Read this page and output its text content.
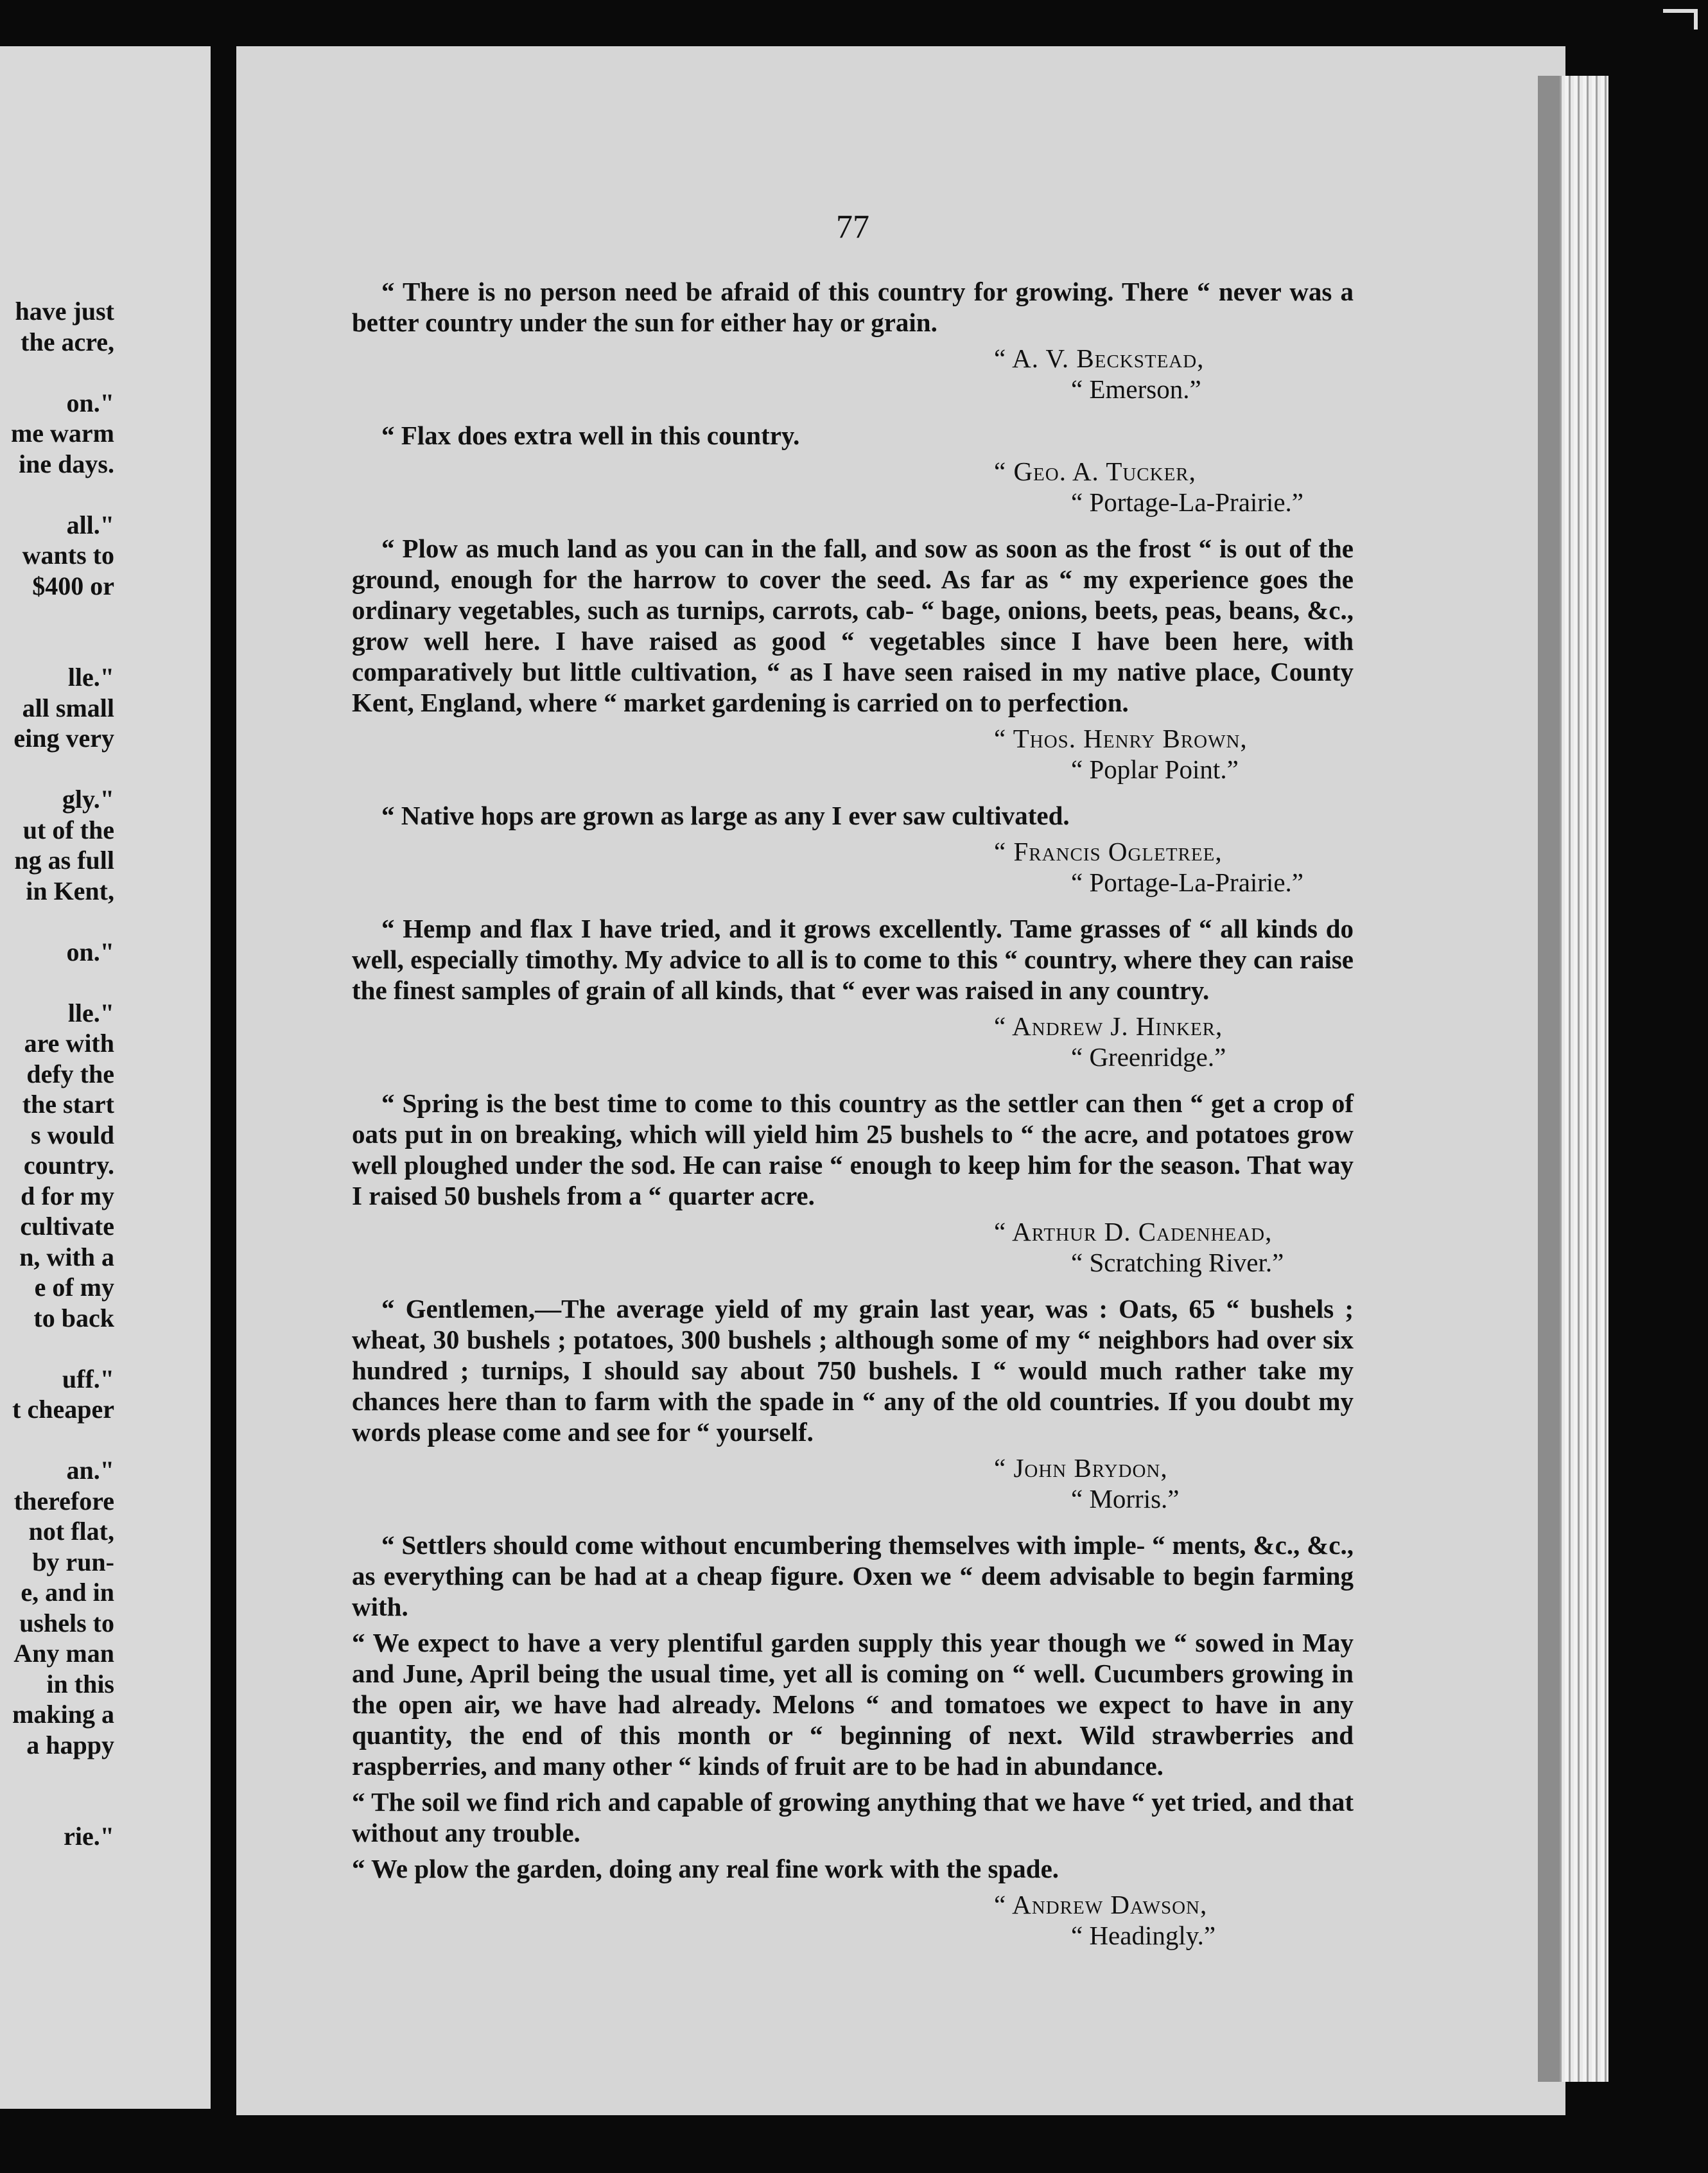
have just
the acre,
on."
me warm
ine days.
all."
wants to
$400 or
lle."
all small
eing very
gly."
ut of the
ng as full
in Kent,
on."
lle."
are with
defy the
the start
s would
country.
d for my
cultivate
n, with a
e of my
to back
uff."
t cheaper
an."
therefore
not flat,
by run-
e, and in
ushels to
Any man
in this
making a
a happy
rie."
77

“ There is no person need be afraid of this country for growing. There “ never was a better country under the sun for either hay or grain.

“ A. V. Beckstead,

“ Emerson.”

“ Flax does extra well in this country.

“ Geo. A. Tucker,

“ Portage-La-Prairie.”

“ Plow as much land as you can in the fall, and sow as soon as the frost “ is out of the ground, enough for the harrow to cover the seed. As far as “ my experience goes the ordinary vegetables, such as turnips, carrots, cab- “ bage, onions, beets, peas, beans, &c., grow well here. I have raised as good “ vegetables since I have been here, with comparatively but little cultivation, “ as I have seen raised in my native place, County Kent, England, where “ market gardening is carried on to perfection.

“ Thos. Henry Brown,

“ Poplar Point.”

“ Native hops are grown as large as any I ever saw cultivated.

“ Francis Ogletree,

“ Portage-La-Prairie.”

“ Hemp and flax I have tried, and it grows excellently. Tame grasses of “ all kinds do well, especially timothy. My advice to all is to come to this “ country, where they can raise the finest samples of grain of all kinds, that “ ever was raised in any country.

“ Andrew J. Hinker,

“ Greenridge.”

“ Spring is the best time to come to this country as the settler can then “ get a crop of oats put in on breaking, which will yield him 25 bushels to “ the acre, and potatoes grow well ploughed under the sod. He can raise “ enough to keep him for the season. That way I raised 50 bushels from a “ quarter acre.

“ Arthur D. Cadenhead,

“ Scratching River.”

“ Gentlemen,—The average yield of my grain last year, was : Oats, 65 “ bushels ; wheat, 30 bushels ; potatoes, 300 bushels ; although some of my “ neighbors had over six hundred ; turnips, I should say about 750 bushels. I “ would much rather take my chances here than to farm with the spade in “ any of the old countries. If you doubt my words please come and see for “ yourself.

“ John Brydon,

“ Morris.”

“ Settlers should come without encumbering themselves with imple- “ ments, &c., &c., as everything can be had at a cheap figure. Oxen we “ deem advisable to begin farming with.

“ We expect to have a very plentiful garden supply this year though we “ sowed in May and June, April being the usual time, yet all is coming on “ well. Cucumbers growing in the open air, we have had already. Melons “ and tomatoes we expect to have in any quantity, the end of this month or “ beginning of next. Wild strawberries and raspberries, and many other “ kinds of fruit are to be had in abundance.

“ The soil we find rich and capable of growing anything that we have “ yet tried, and that without any trouble.

“ We plow the garden, doing any real fine work with the spade.

“ Andrew Dawson,

“ Headingly.”
